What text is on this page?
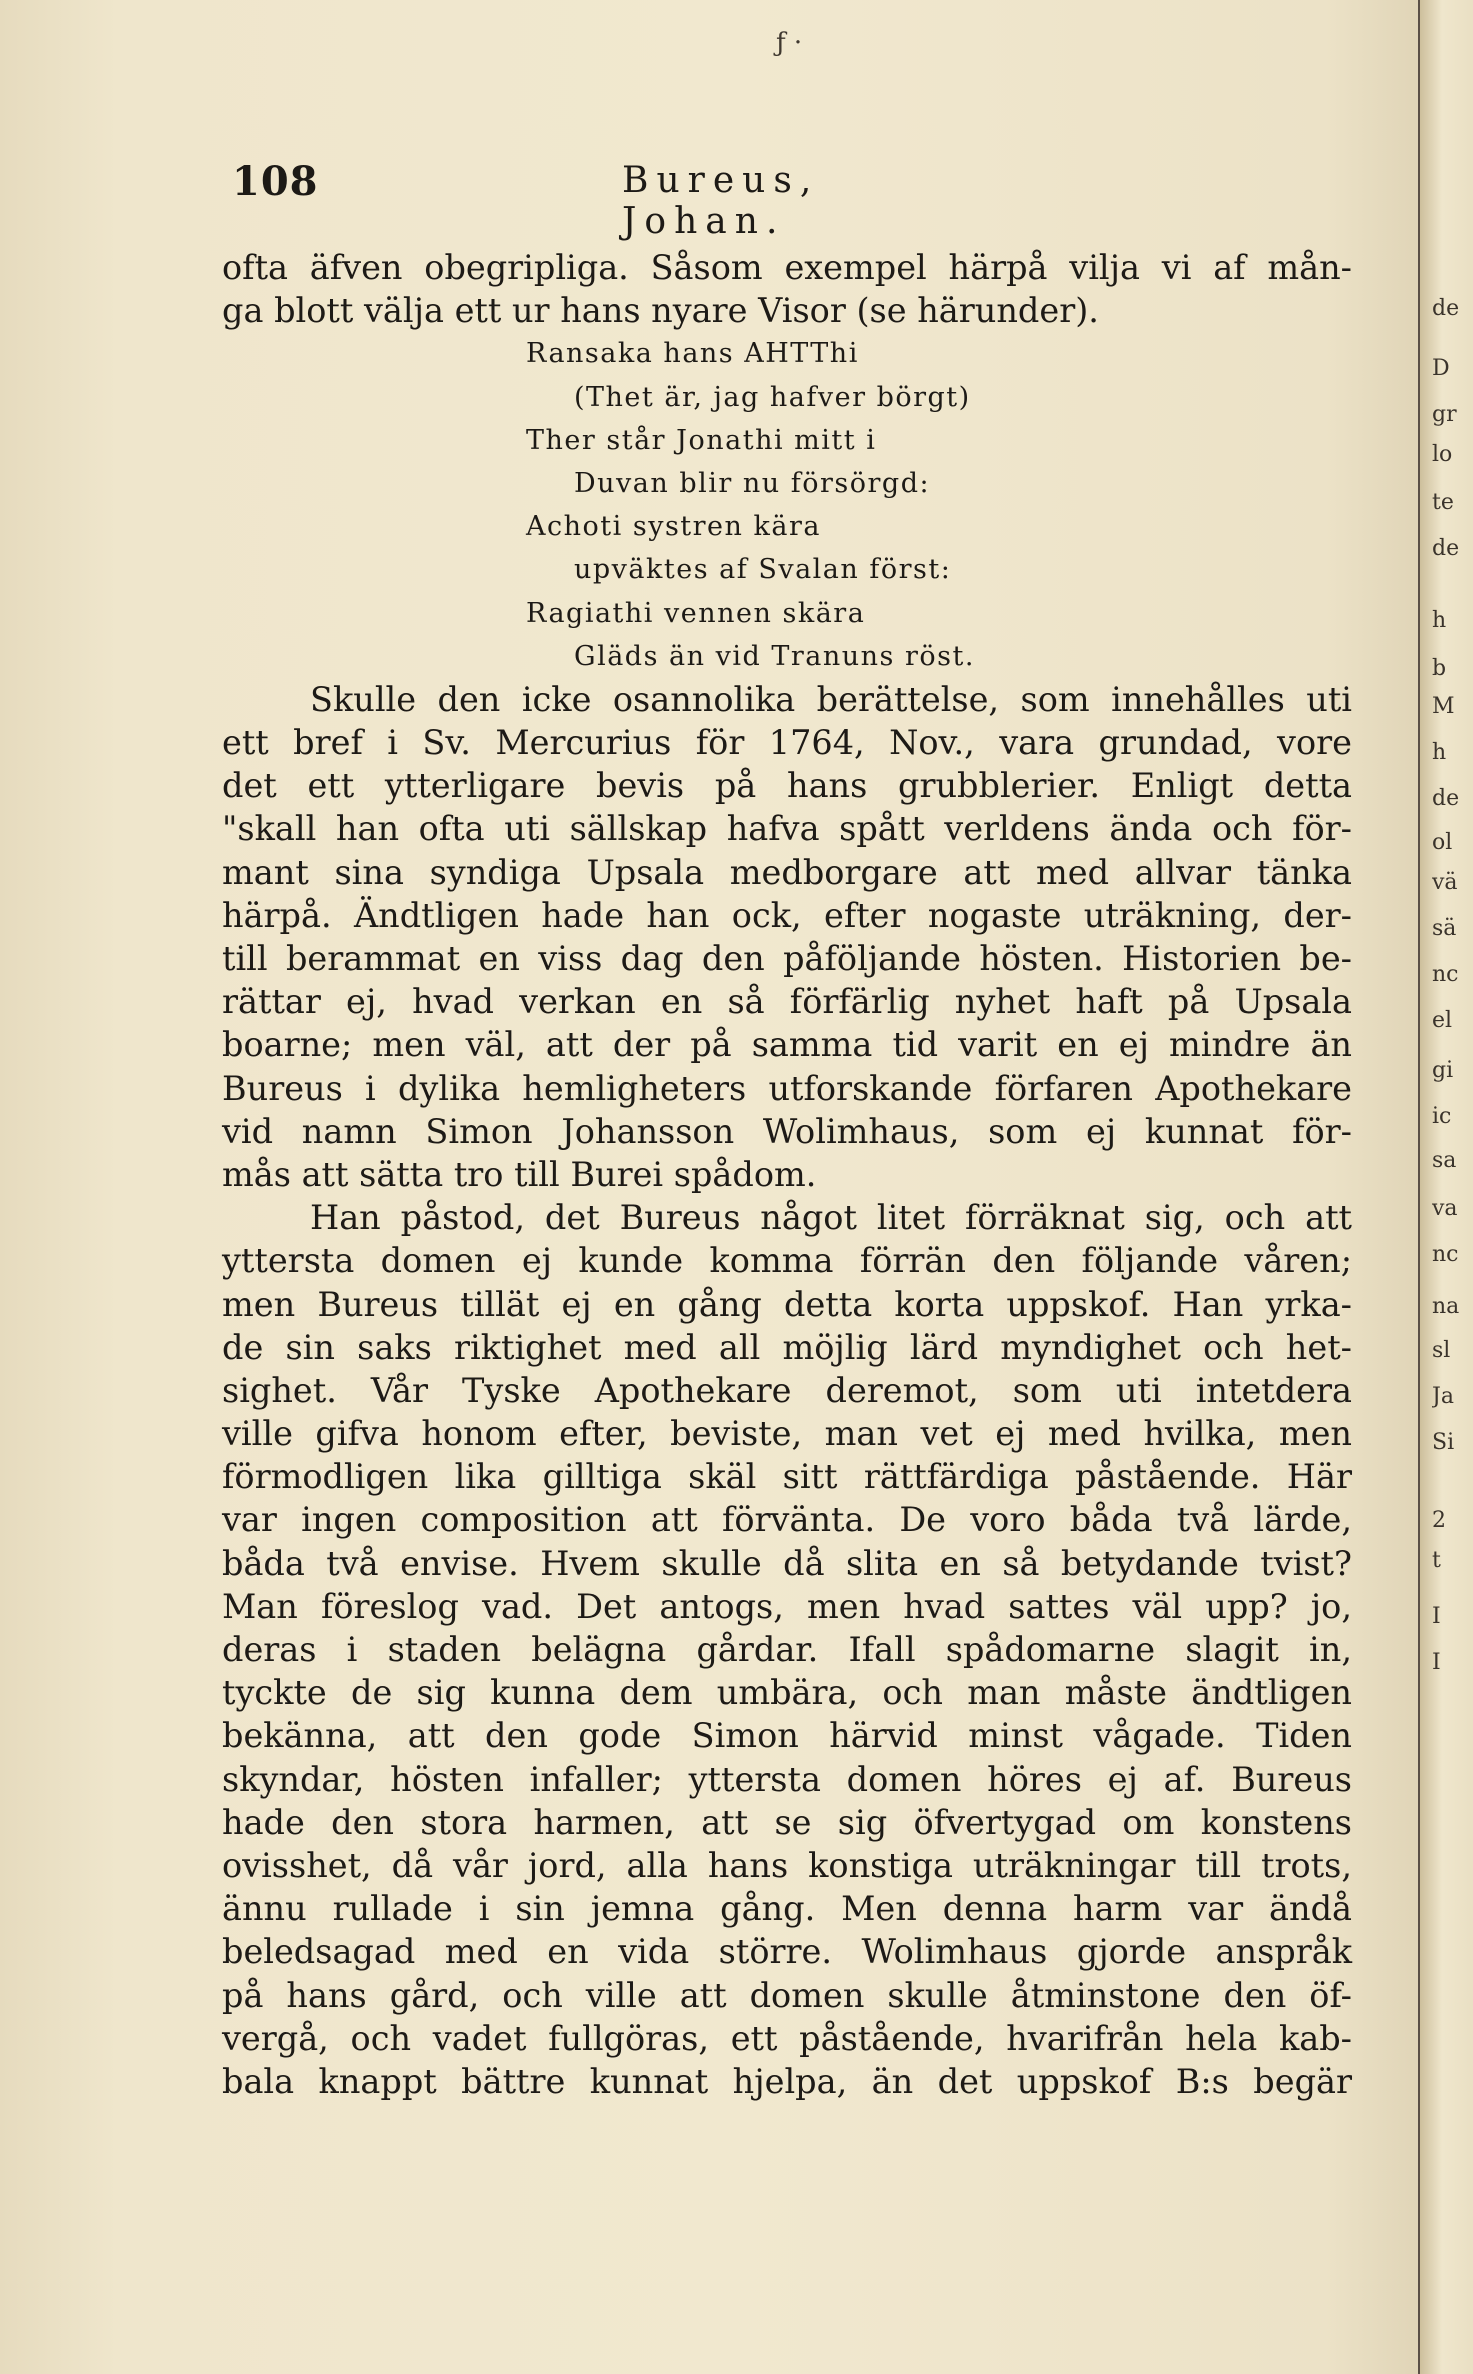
ƒ ·
108	Bureus, Johan.
ofta äfven obegripliga. Såsom exempel härpå vilja vi af mån-
ga blott välja ett ur hans nyare Visor (se härunder).
Ransaka hans AHTThi
(Thet är, jag hafver börgt)
Ther står Jonathi mitt i
Duvan blir nu försörgd:
Achoti systren kära
upväktes af Svalan först:
Ragiathi vennen skära
Gläds än vid Tranuns röst.
Skulle den icke osannolika berättelse, som innehålles uti
ett bref i Sv. Mercurius för 1764, Nov., vara grundad, vore
det ett ytterligare bevis på hans grubblerier. Enligt detta
"skall han ofta uti sällskap hafva spått verldens ända och för-
mant sina syndiga Upsala medborgare att med allvar tänka
härpå. Ändtligen hade han ock, efter nogaste uträkning, der-
till berammat en viss dag den påföljande hösten. Historien be-
rättar ej, hvad verkan en så förfärlig nyhet haft på Upsala
boarne; men väl, att der på samma tid varit en ej mindre än
Bureus i dylika hemligheters utforskande förfaren Apothekare
vid namn Simon Johansson Wolimhaus, som ej kunnat för-
mås att sätta tro till Burei spådom.
Han påstod, det Bureus något litet förräknat sig, och att
yttersta domen ej kunde komma förrän den följande våren;
men Bureus tillät ej en gång detta korta uppskof. Han yrka-
de sin saks riktighet med all möjlig lärd myndighet och het-
sighet. Vår Tyske Apothekare deremot, som uti intetdera
ville gifva honom efter, beviste, man vet ej med hvilka, men
förmodligen lika gilltiga skäl sitt rättfärdiga påstående. Här
var ingen composition att förvänta. De voro båda två lärde,
båda två envise. Hvem skulle då slita en så betydande tvist?
Man föreslog vad. Det antogs, men hvad sattes väl upp? jo,
deras i staden belägna gårdar. Ifall spådomarne slagit in,
tyckte de sig kunna dem umbära, och man måste ändtligen
bekänna, att den gode Simon härvid minst vågade. Tiden
skyndar, hösten infaller; yttersta domen höres ej af. Bureus
hade den stora harmen, att se sig öfvertygad om konstens
ovisshet, då vår jord, alla hans konstiga uträkningar till trots,
ännu rullade i sin jemna gång. Men denna harm var ändå
beledsagad med en vida större. Wolimhaus gjorde anspråk
på hans gård, och ville att domen skulle åtminstone den öf-
vergå, och vadet fullgöras, ett påstående, hvarifrån hela kab-
bala knappt bättre kunnat hjelpa, än det uppskof B:s begär
de
D
gr
lo
te
de
h
b
M
h
de
ol
vä
sä
nc
el
gi
ic
sa
va
nc
na
sl
Ja
Si
2
t
I
I
